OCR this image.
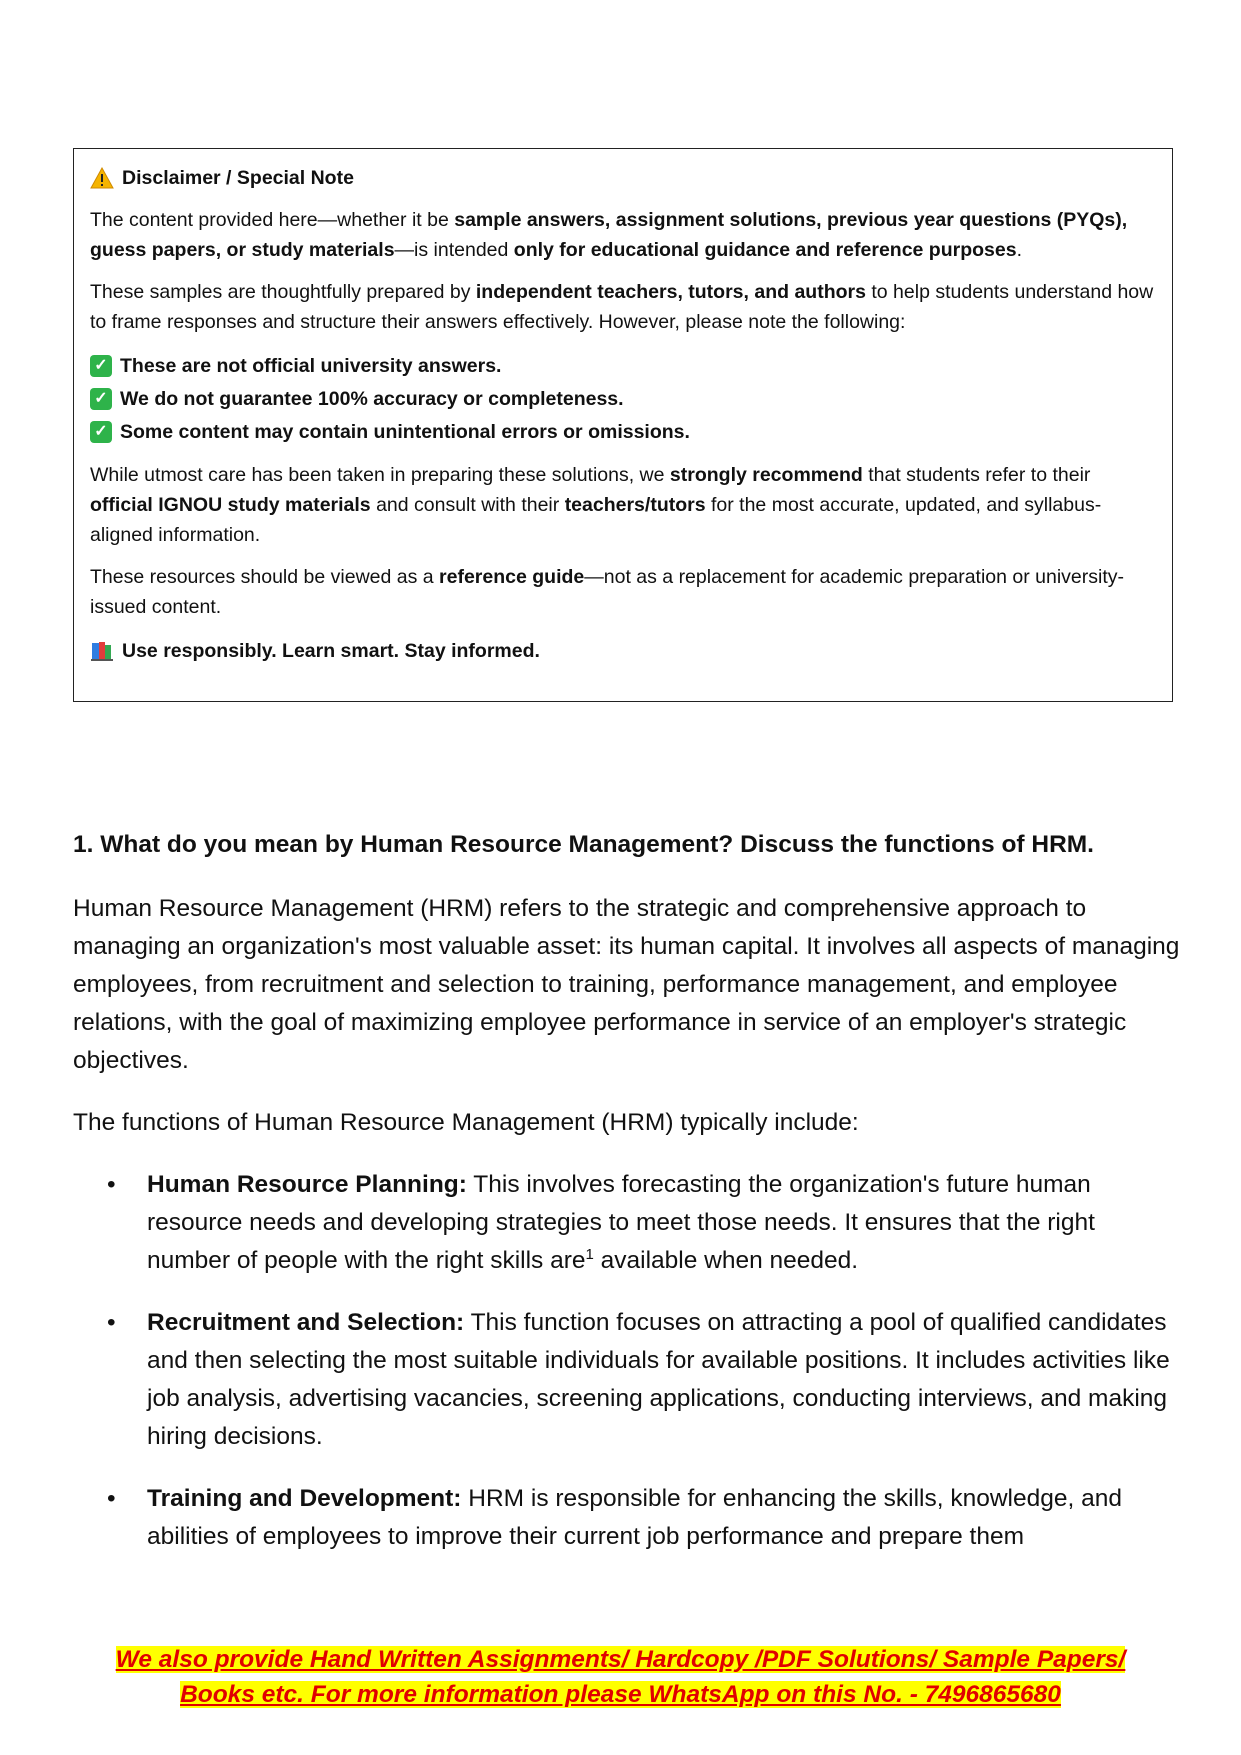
Disclaimer / Special Note

The content provided here—whether it be sample answers, assignment solutions, previous year questions (PYQs), guess papers, or study materials—is intended only for educational guidance and reference purposes.

These samples are thoughtfully prepared by independent teachers, tutors, and authors to help students understand how to frame responses and structure their answers effectively. However, please note the following:

✓ These are not official university answers.
✓ We do not guarantee 100% accuracy or completeness.
✓ Some content may contain unintentional errors or omissions.

While utmost care has been taken in preparing these solutions, we strongly recommend that students refer to their official IGNOU study materials and consult with their teachers/tutors for the most accurate, updated, and syllabus-aligned information.

These resources should be viewed as a reference guide—not as a replacement for academic preparation or university-issued content.

Use responsibly. Learn smart. Stay informed.

1. What do you mean by Human Resource Management? Discuss the functions of HRM.

Human Resource Management (HRM) refers to the strategic and comprehensive approach to managing an organization's most valuable asset: its human capital. It involves all aspects of managing employees, from recruitment and selection to training, performance management, and employee relations, with the goal of maximizing employee performance in service of an employer's strategic objectives.

The functions of Human Resource Management (HRM) typically include:

• Human Resource Planning: This involves forecasting the organization's future human resource needs and developing strategies to meet those needs. It ensures that the right number of people with the right skills are$^1$ available when needed.
• Recruitment and Selection: This function focuses on attracting a pool of qualified candidates and then selecting the most suitable individuals for available positions. It includes activities like job analysis, advertising vacancies, screening applications, conducting interviews, and making hiring decisions.
• Training and Development: HRM is responsible for enhancing the skills, knowledge, and abilities of employees to improve their current job performance and prepare them
We also provide Hand Written Assignments/ Hardcopy /PDF Solutions/ Sample Papers/
Books etc. For more information please WhatsApp on this No. - 7496865680
